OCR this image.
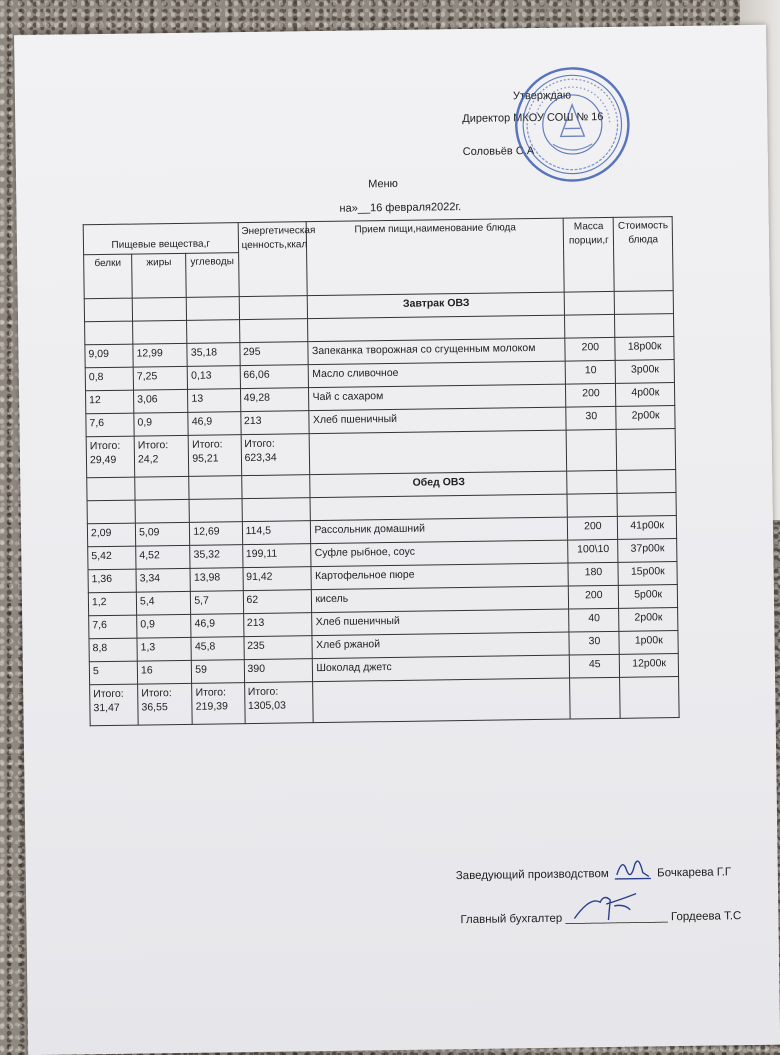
Утверждаю
Директор МКОУ СОШ № 16
Соловьёв С.А
Меню
на»__16 февраля2022г.
Пищевые вещества,г			Энергетическая ценность,ккал	Прием пищи,наименование блюда	Масса порции,г	Стоимость блюда
белки	жиры	углеводы				
				Завтрак ОВЗ		

9,09	12,99	35,18	295	Запеканка творожная со сгущенным молоком	200	18р00к
0,8	7,25	0,13	66,06	Масло сливочное	10	3р00к
12	3,06	13	49,28	Чай с сахаром	200	4р00к
7,6	0,9	46,9	213	Хлеб пшеничный	30	2р00к
Итого: 29,49	Итого: 24,2	Итого: 95,21	Итого: 623,34			
				Обед ОВЗ		

2,09	5,09	12,69	114,5	Рассольник домашний	200	41р00к
5,42	4,52	35,32	199,11	Суфле рыбное, соус	100\10	37р00к
1,36	3,34	13,98	91,42	Картофельное пюре	180	15р00к
1,2	5,4	5,7	62	кисель	200	5р00к
7,6	0,9	46,9	213	Хлеб пшеничный	40	2р00к
8,8	1,3	45,8	235	Хлеб ржаной	30	1р00к
5	16	59	390	Шоколад джетс	45	12р00к
Итого: 31,47	Итого: 36,55	Итого: 219,39	Итого: 1305,03			
Заведующий производством	Бочкарева Г.Г
Главный бухгалтер ________________ Гордеева Т.С
